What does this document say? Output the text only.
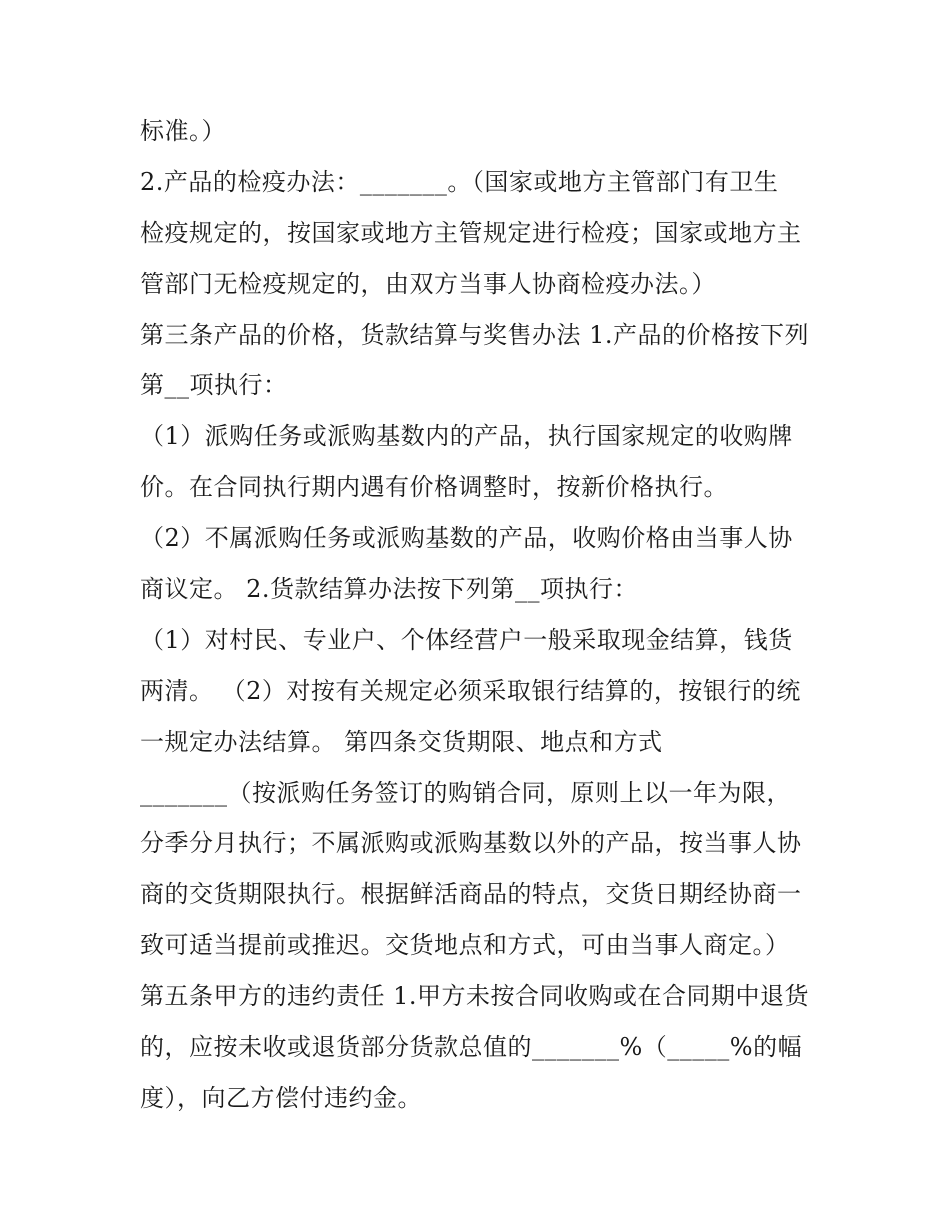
标准。）
2.产品的检疫办法：_______。（国家或地方主管部门有卫生
检疫规定的，按国家或地方主管规定进行检疫；国家或地方主
管部门无检疫规定的，由双方当事人协商检疫办法。）
第三条产品的价格，货款结算与奖售办法 1.产品的价格按下列
第__项执行：
（1）派购任务或派购基数内的产品，执行国家规定的收购牌
价。在合同执行期内遇有价格调整时，按新价格执行。
（2）不属派购任务或派购基数的产品，收购价格由当事人协
商议定。 2.货款结算办法按下列第__项执行：
（1）对村民、专业户、个体经营户一般采取现金结算，钱货
两清。 （2）对按有关规定必须采取银行结算的，按银行的统
一规定办法结算。 第四条交货期限、地点和方式
_______（按派购任务签订的购销合同，原则上以一年为限，
分季分月执行；不属派购或派购基数以外的产品，按当事人协
商的交货期限执行。根据鲜活商品的特点，交货日期经协商一
致可适当提前或推迟。交货地点和方式，可由当事人商定。）
第五条甲方的违约责任 1.甲方未按合同收购或在合同期中退货
的，应按未收或退货部分货款总值的_______%（_____%的幅
度），向乙方偿付违约金。
